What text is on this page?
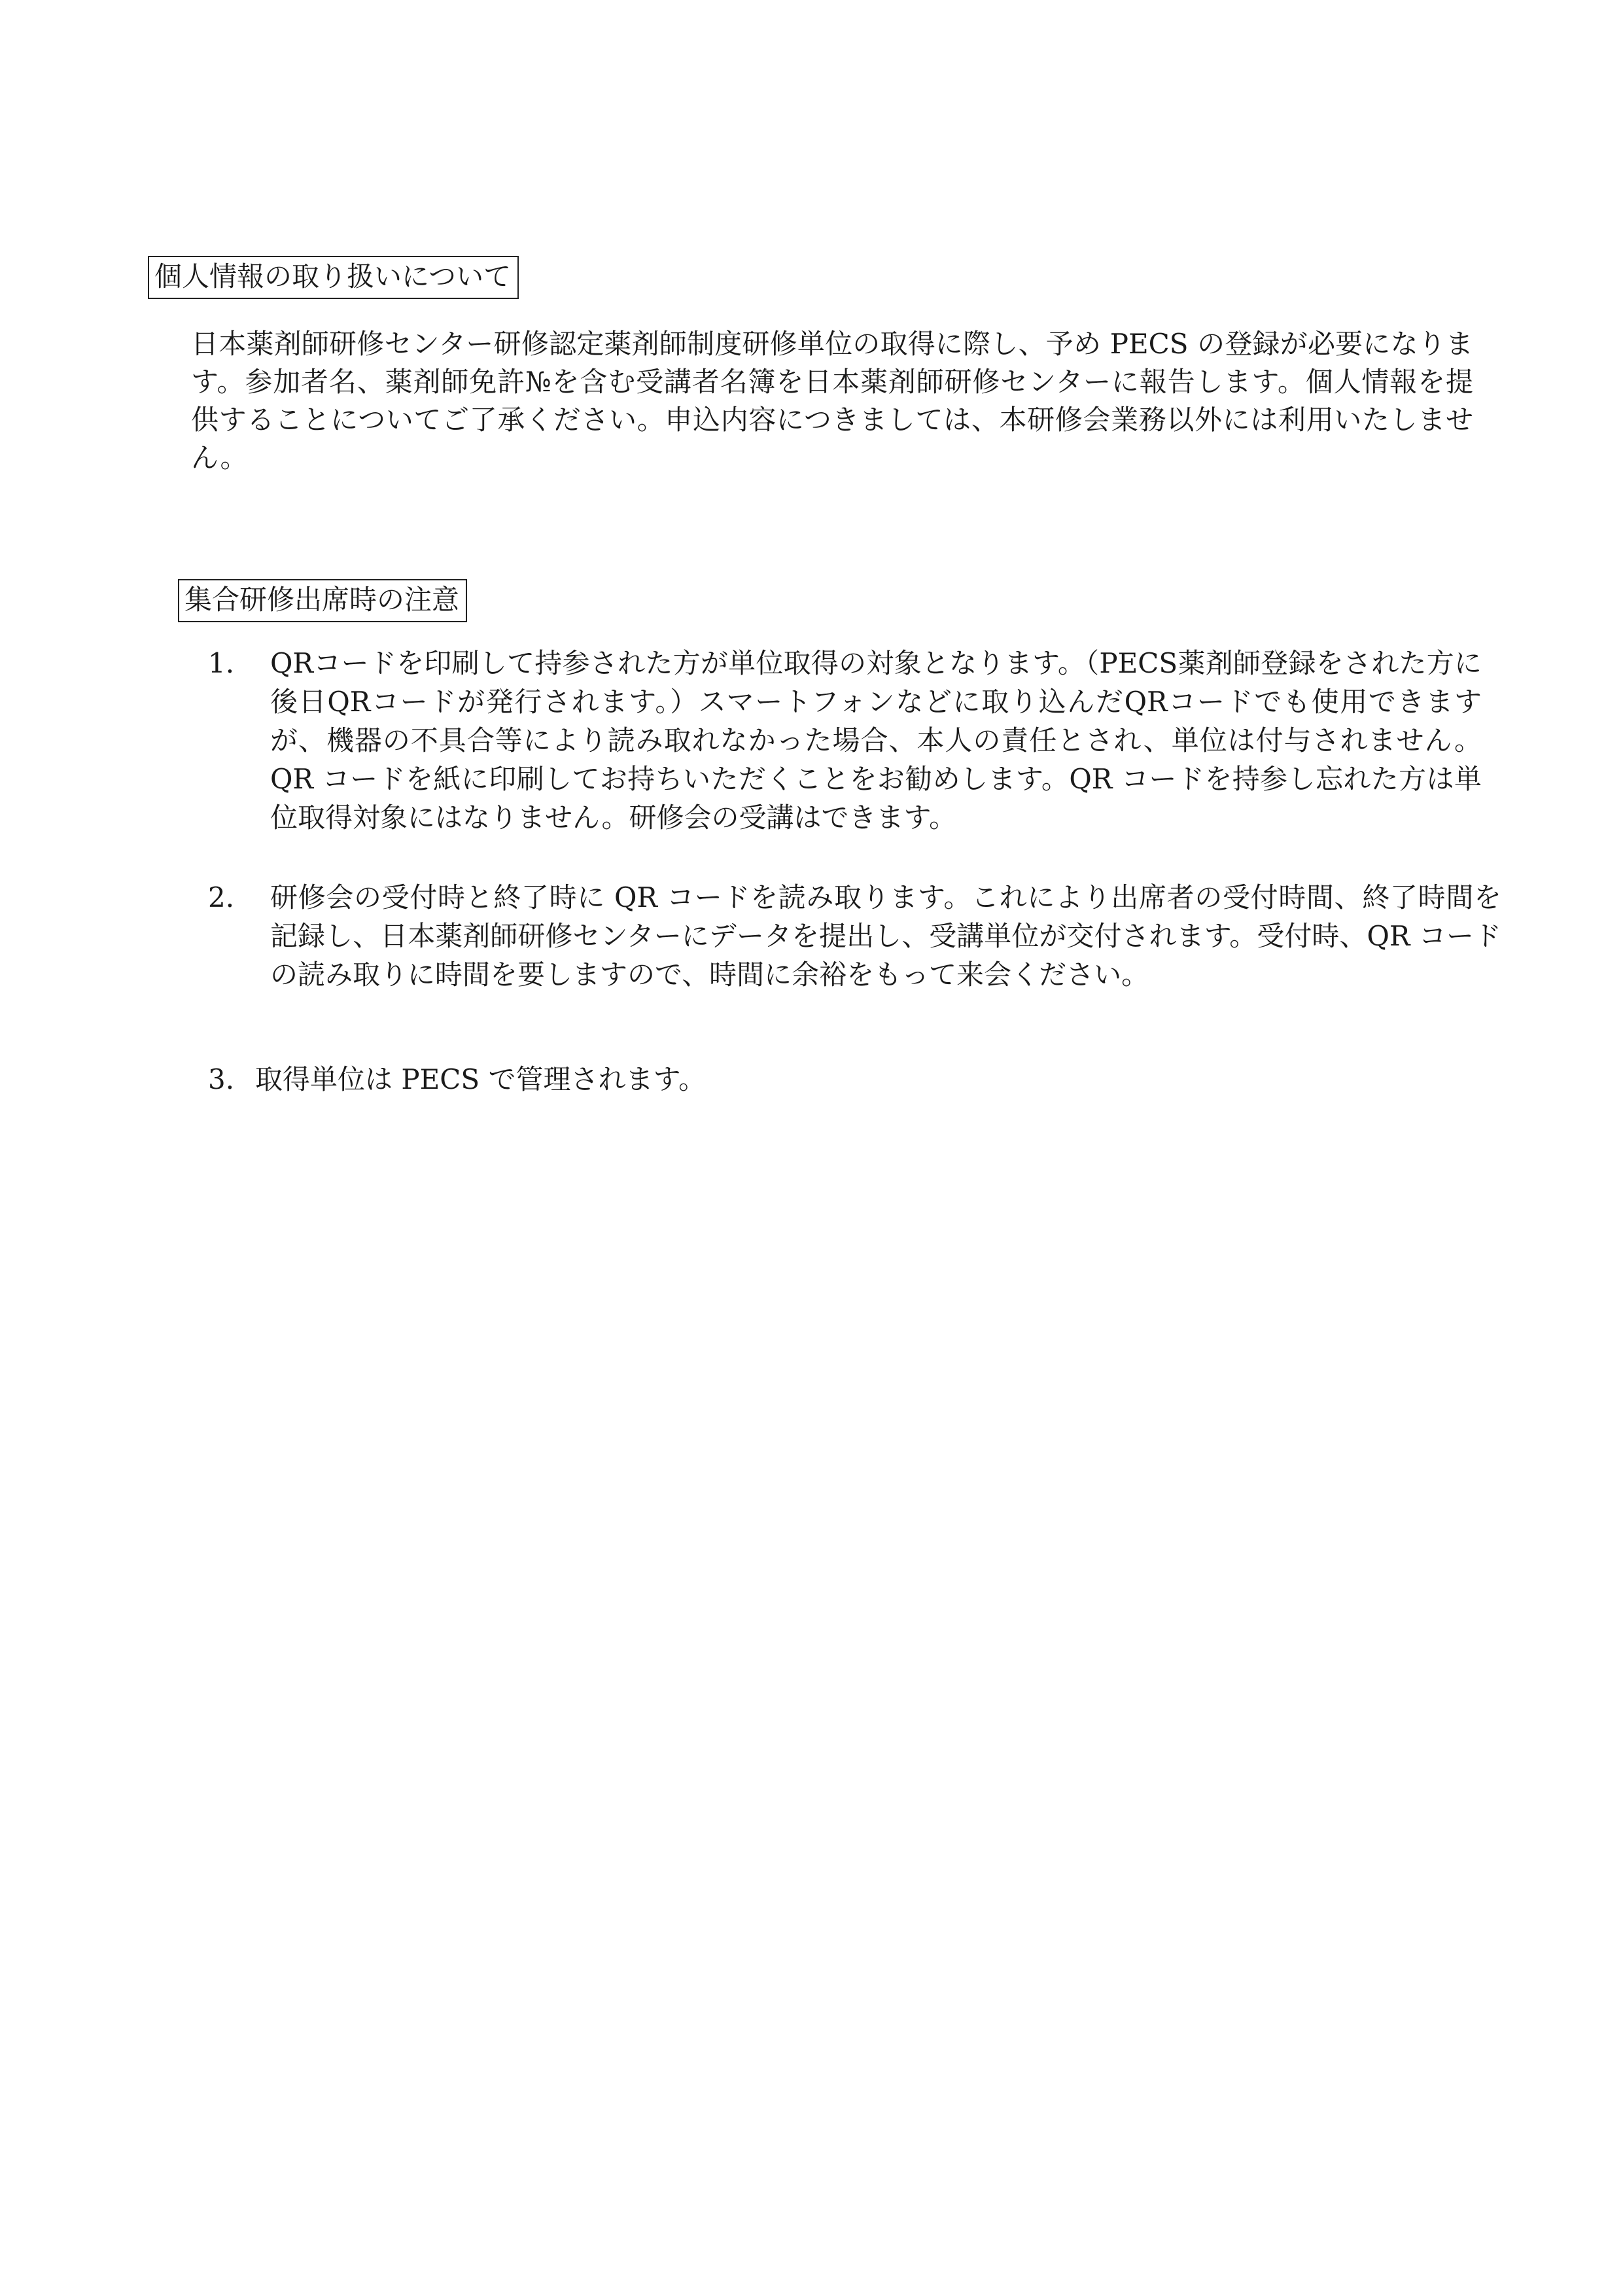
個人情報の取り扱いについて
日本薬剤師研修センター研修認定薬剤師制度研修単位の取得に際し、予め PECS の登録が必要になります。参加者名、薬剤師免許№を含む受講者名簿を日本薬剤師研修センターに報告します。個人情報を提供することについてご了承ください。申込内容につきましては、本研修会業務以外には利用いたしません。
集合研修出席時の注意
1.	QRコードを印刷して持参された方が単位取得の対象となります。（PECS薬剤師登録をされた方に後日QRコードが発行されます。）スマートフォンなどに取り込んだQRコードでも使用できますが、機器の不具合等により読み取れなかった場合、本人の責任とされ、単位は付与されません。QR コードを紙に印刷してお持ちいただくことをお勧めします。QR コードを持参し忘れた方は単位取得対象にはなりません。研修会の受講はできます。
2.	研修会の受付時と終了時に QR コードを読み取ります。これにより出席者の受付時間、終了時間を記録し、日本薬剤師研修センターにデータを提出し、受講単位が交付されます。受付時、QR コードの読み取りに時間を要しますので、時間に余裕をもって来会ください。
3. 取得単位は PECS で管理されます。
